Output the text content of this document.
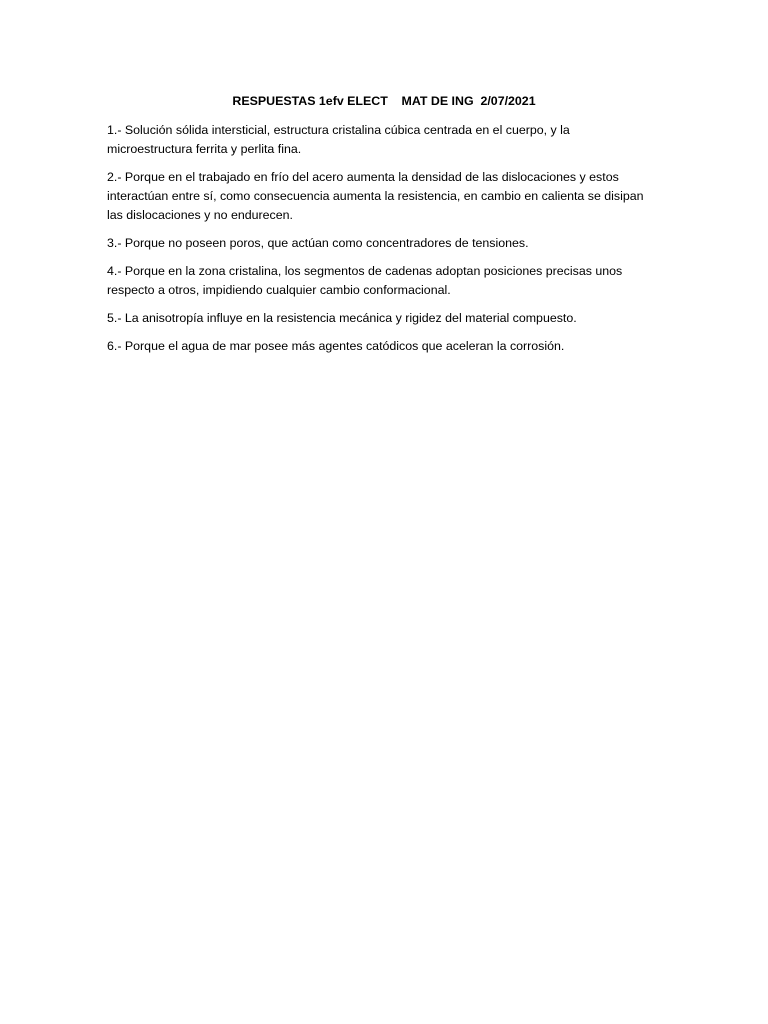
RESPUESTAS 1efv ELECT    MAT DE ING  2/07/2021
1.- Solución sólida intersticial, estructura cristalina cúbica centrada en el cuerpo, y la
microestructura ferrita y perlita fina.
2.- Porque en el trabajado en frío del acero aumenta la densidad de las dislocaciones y estos
interactúan entre sí, como consecuencia aumenta la resistencia, en cambio en calienta se disipan
las dislocaciones y no endurecen.
3.- Porque no poseen poros, que actúan como concentradores de tensiones.
4.- Porque en la zona cristalina, los segmentos de cadenas adoptan posiciones precisas unos
respecto a otros, impidiendo cualquier cambio conformacional.
5.- La anisotropía influye en la resistencia mecánica y rigidez del material compuesto.
6.- Porque el agua de mar posee más agentes catódicos que aceleran la corrosión.
